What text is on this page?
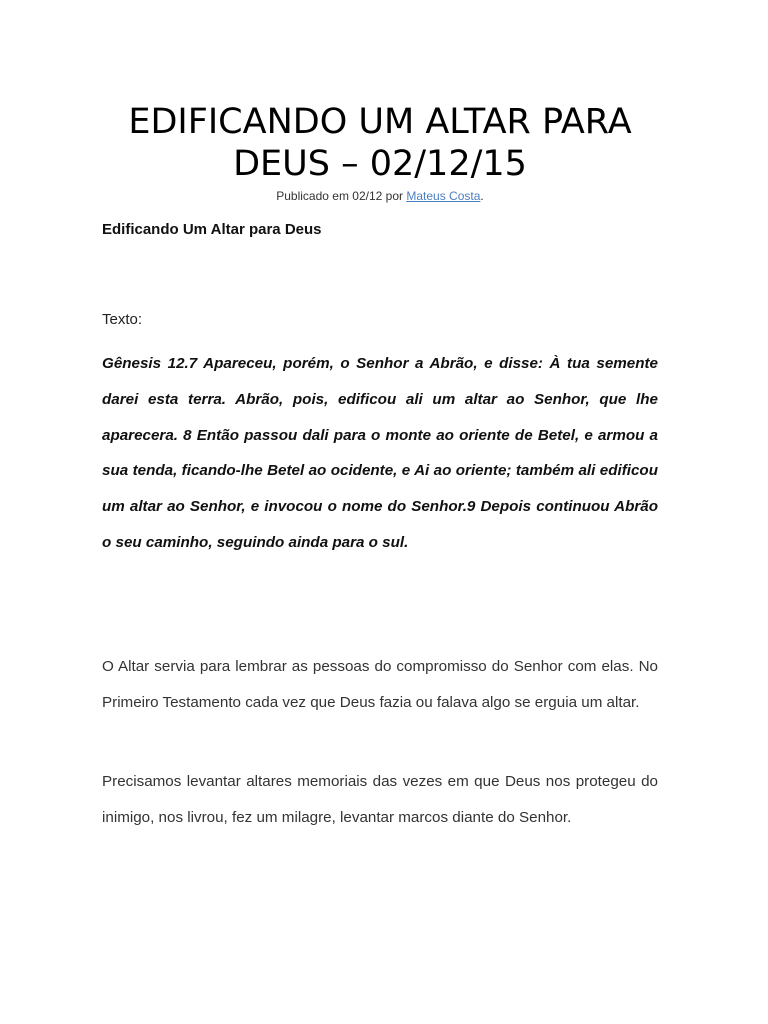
EDIFICANDO UM ALTAR PARA DEUS – 02/12/15
Publicado em 02/12 por Mateus Costa.
Edificando Um Altar para Deus
Texto:

Gênesis 12.7 Apareceu, porém, o Senhor a Abrão, e disse: À tua semente darei esta terra. Abrão, pois, edificou ali um altar ao Senhor, que lhe aparecera. 8 Então passou dali para o monte ao oriente de Betel, e armou a sua tenda, ficando-lhe Betel ao ocidente, e Ai ao oriente; também ali edificou um altar ao Senhor, e invocou o nome do Senhor.9 Depois continuou Abrão o seu caminho, seguindo ainda para o sul.

O Altar servia para lembrar as pessoas do compromisso do Senhor com elas. No Primeiro Testamento cada vez que Deus fazia ou falava algo se erguia um altar.

Precisamos levantar altares memoriais das vezes em que Deus nos protegeu do inimigo, nos livrou, fez um milagre, levantar marcos diante do Senhor.
